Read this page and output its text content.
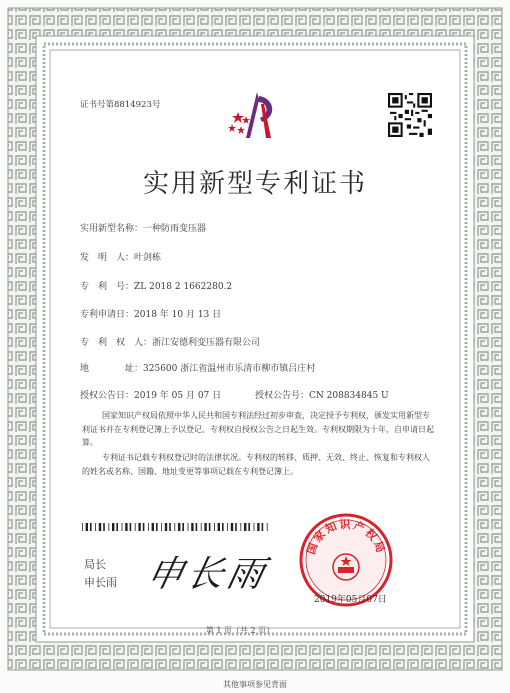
证书号第8814923号
实用新型专利证书
实用新型名称：一种防雨变压器
发　明　人：叶剑栋
专　利　号：ZL 2018 2 1662280.2
专利申请日：2018 年 10 月 13 日
专　利　权　人：浙江安德利变压器有限公司
地　　　　址：325600 浙江省温州市乐清市柳市镇吕庄村
授权公告日：2019 年 05 月 07 日	授权公告号：CN 208834845 U
国家知识产权局依照中华人民共和国专利法经过初步审查，决定授予专利权，颁发实用新型专利证书并在专利登记簿上予以登记。专利权自授权公告之日起生效。专利权期限为十年，自申请日起算。
专利证书记载专利权登记时的法律状况。专利权的转移、质押、无效、终止、恢复和专利权人的姓名或名称、国籍、地址变更等事项记载在专利登记簿上。
局长
申长雨 申长雨
国家知识产权局
2019年05月07日
第 1 页（共 2 页）
其他事项参见背面
